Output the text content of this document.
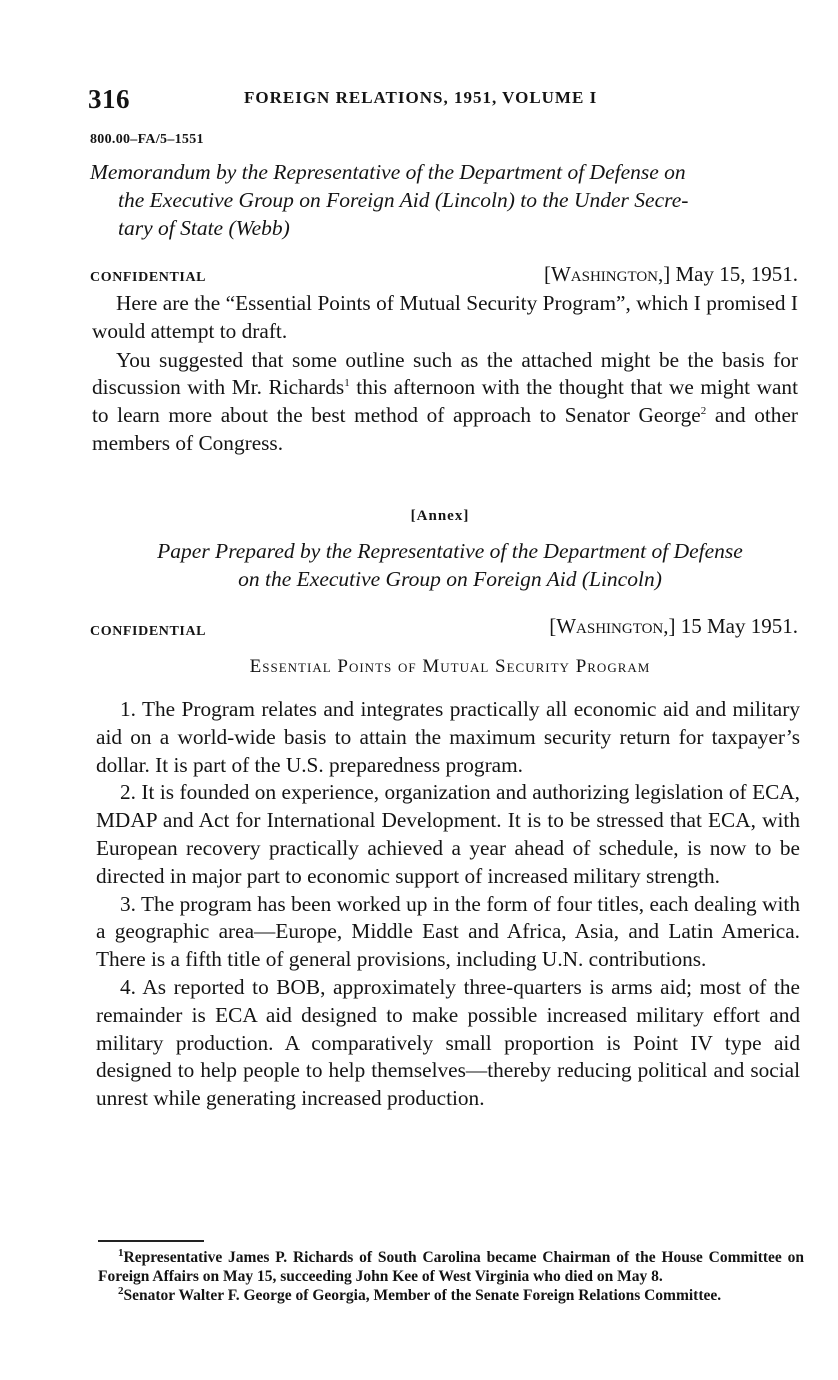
316	FOREIGN RELATIONS, 1951, VOLUME I
800.00–FA/5–1551
Memorandum by the Representative of the Department of Defense on
the Executive Group on Foreign Aid (Lincoln) to the Under Secre-
tary of State (Webb)
CONFIDENTIAL	[Washington,] May 15, 1951.

Here are the “Essential Points of Mutual Security Program”, which I promised I would attempt to draft.

You suggested that some outline such as the attached might be the basis for discussion with Mr. Richards$^1$ this afternoon with the thought that we might want to learn more about the best method of approach to Senator George$^2$ and other members of Congress.

[Annex]
Paper Prepared by the Representative of the Department of Defense
on the Executive Group on Foreign Aid (Lincoln)
CONFIDENTIAL	[Washington,] 15 May 1951.
Essential Points of Mutual Security Program

1. The Program relates and integrates practically all economic aid and military aid on a world-wide basis to attain the maximum security return for taxpayer’s dollar. It is part of the U.S. preparedness program.

2. It is founded on experience, organization and authorizing legislation of ECA, MDAP and Act for International Development. It is to be stressed that ECA, with European recovery practically achieved a year ahead of schedule, is now to be directed in major part to economic support of increased military strength.

3. The program has been worked up in the form of four titles, each dealing with a geographic area—Europe, Middle East and Africa, Asia, and Latin America. There is a fifth title of general provisions, including U.N. contributions.

4. As reported to BOB, approximately three-quarters is arms aid; most of the remainder is ECA aid designed to make possible increased military effort and military production. A comparatively small proportion is Point IV type aid designed to help people to help themselves—thereby reducing political and social unrest while generating increased production.

$^1$Representative James P. Richards of South Carolina became Chairman of the House Committee on Foreign Affairs on May 15, succeeding John Kee of West Virginia who died on May 8.

$^2$Senator Walter F. George of Georgia, Member of the Senate Foreign Relations Committee.
